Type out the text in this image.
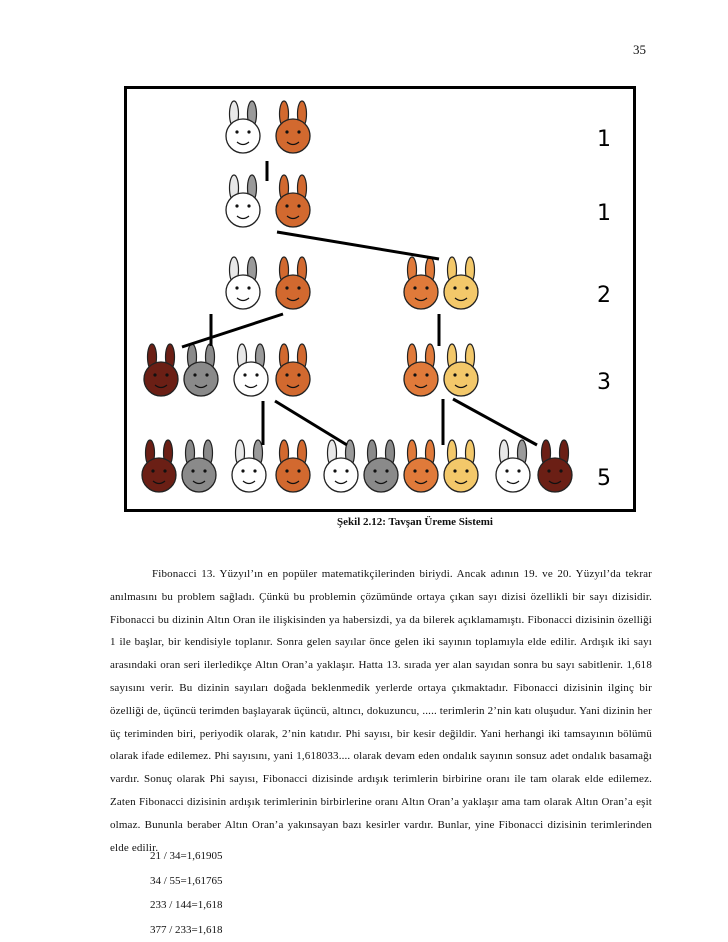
35
1
1
2
3
5
Şekil 2.12: Tavşan Üreme Sistemi

Fibonacci 13. Yüzyıl’ın en popüler matematikçilerinden biriydi. Ancak adının 19. ve 20. Yüzyıl’da tekrar anılmasını bu problem sağladı. Çünkü bu problemin çözümünde ortaya çıkan sayı dizisi özellikli bir sayı dizisidir. Fibonacci bu dizinin Altın Oran ile ilişkisinden ya habersizdi, ya da bilerek açıklamamıştı. Fibonacci dizisinin özelliği 1 ile başlar, bir kendisiyle toplanır. Sonra gelen sayılar önce gelen iki sayının toplamıyla elde edilir. Ardışık iki sayı arasındaki oran seri ilerledikçe Altın Oran’a yaklaşır. Hatta 13. sırada yer alan sayıdan sonra bu sayı sabitlenir. 1,618 sayısını verir. Bu dizinin sayıları doğada beklenmedik yerlerde ortaya çıkmaktadır. Fibonacci dizisinin ilginç bir özelliği de, üçüncü terimden başlayarak üçüncü, altıncı, dokuzuncu, ..... terimlerin 2’nin katı oluşudur. Yani dizinin her üç teriminden biri, periyodik olarak, 2’nin katıdır. Phi sayısı, bir kesir değildir. Yani herhangi iki tamsayının bölümü olarak ifade edilemez. Phi sayısını, yani 1,618033.... olarak devam eden ondalık sayının sonsuz adet ondalık basamağı vardır. Sonuç olarak Phi sayısı, Fibonacci dizisinde ardışık terimlerin birbirine oranı ile tam olarak elde edilemez. Zaten Fibonacci dizisinin ardışık terimlerinin birbirlerine oranı Altın Oran’a yaklaşır ama tam olarak Altın Oran’a eşit olmaz. Bununla beraber Altın Oran’a yakınsayan bazı kesirler vardır. Bunlar, yine Fibonacci dizisinin terimlerinden elde edilir.

21 / 34=1,61905
34 / 55=1,61765
233 / 144=1,618
377 / 233=1,618
